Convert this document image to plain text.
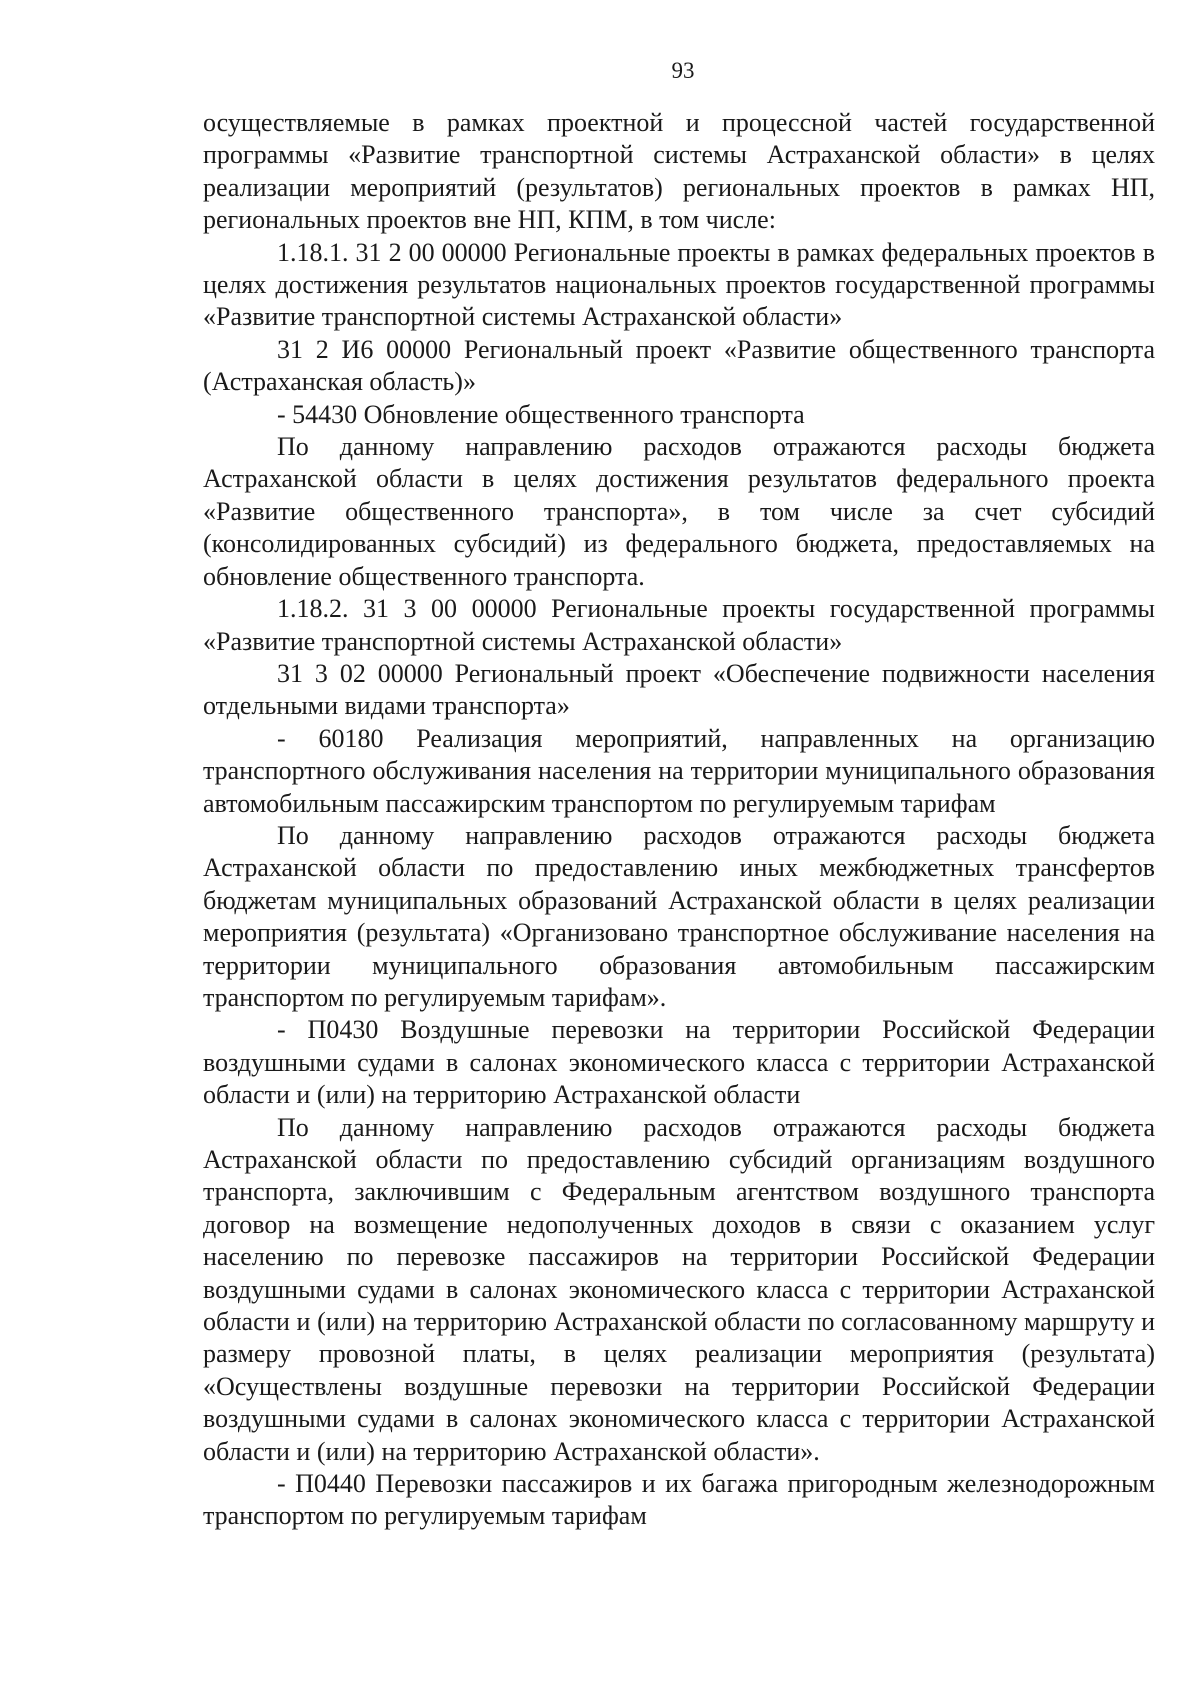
93

осуществляемые в рамках проектной и процессной частей государственной программы «Развитие транспортной системы Астраханской области» в целях реализации мероприятий (результатов) региональных проектов в рамках НП, региональных проектов вне НП, КПМ, в том числе:

1.18.1. 31 2 00 00000 Региональные проекты в рамках федеральных проектов в целях достижения результатов национальных проектов государственной программы «Развитие транспортной системы Астраханской области»

31 2 И6 00000 Региональный проект «Развитие общественного транспорта (Астраханская область)»

- 54430 Обновление общественного транспорта

По данному направлению расходов отражаются расходы бюджета Астраханской области в целях достижения результатов федерального проекта «Развитие общественного транспорта», в том числе за счет субсидий (консолидированных субсидий) из федерального бюджета, предоставляемых на обновление общественного транспорта.

1.18.2. 31 3 00 00000 Региональные проекты государственной программы «Развитие транспортной системы Астраханской области»

31 3 02 00000 Региональный проект «Обеспечение подвижности населения отдельными видами транспорта»

- 60180 Реализация мероприятий, направленных на организацию транспортного обслуживания населения на территории муниципального образования автомобильным пассажирским транспортом по регулируемым тарифам

По данному направлению расходов отражаются расходы бюджета Астраханской области по предоставлению иных межбюджетных трансфертов бюджетам муниципальных образований Астраханской области в целях реализации мероприятия (результата) «Организовано транспортное обслуживание населения на территории муниципального образования автомобильным пассажирским транспортом по регулируемым тарифам».

- П0430 Воздушные перевозки на территории Российской Федерации воздушными судами в салонах экономического класса с территории Астраханской области и (или) на территорию Астраханской области

По данному направлению расходов отражаются расходы бюджета Астраханской области по предоставлению субсидий организациям воздушного транспорта, заключившим с Федеральным агентством воздушного транспорта договор на возмещение недополученных доходов в связи с оказанием услуг населению по перевозке пассажиров на территории Российской Федерации воздушными судами в салонах экономического класса с территории Астраханской области и (или) на территорию Астраханской области по согласованному маршруту и размеру провозной платы, в целях реализации мероприятия (результата) «Осуществлены воздушные перевозки на территории Российской Федерации воздушными судами в салонах экономического класса с территории Астраханской области и (или) на территорию Астраханской области».

- П0440 Перевозки пассажиров и их багажа пригородным железнодорожным транспортом по регулируемым тарифам
